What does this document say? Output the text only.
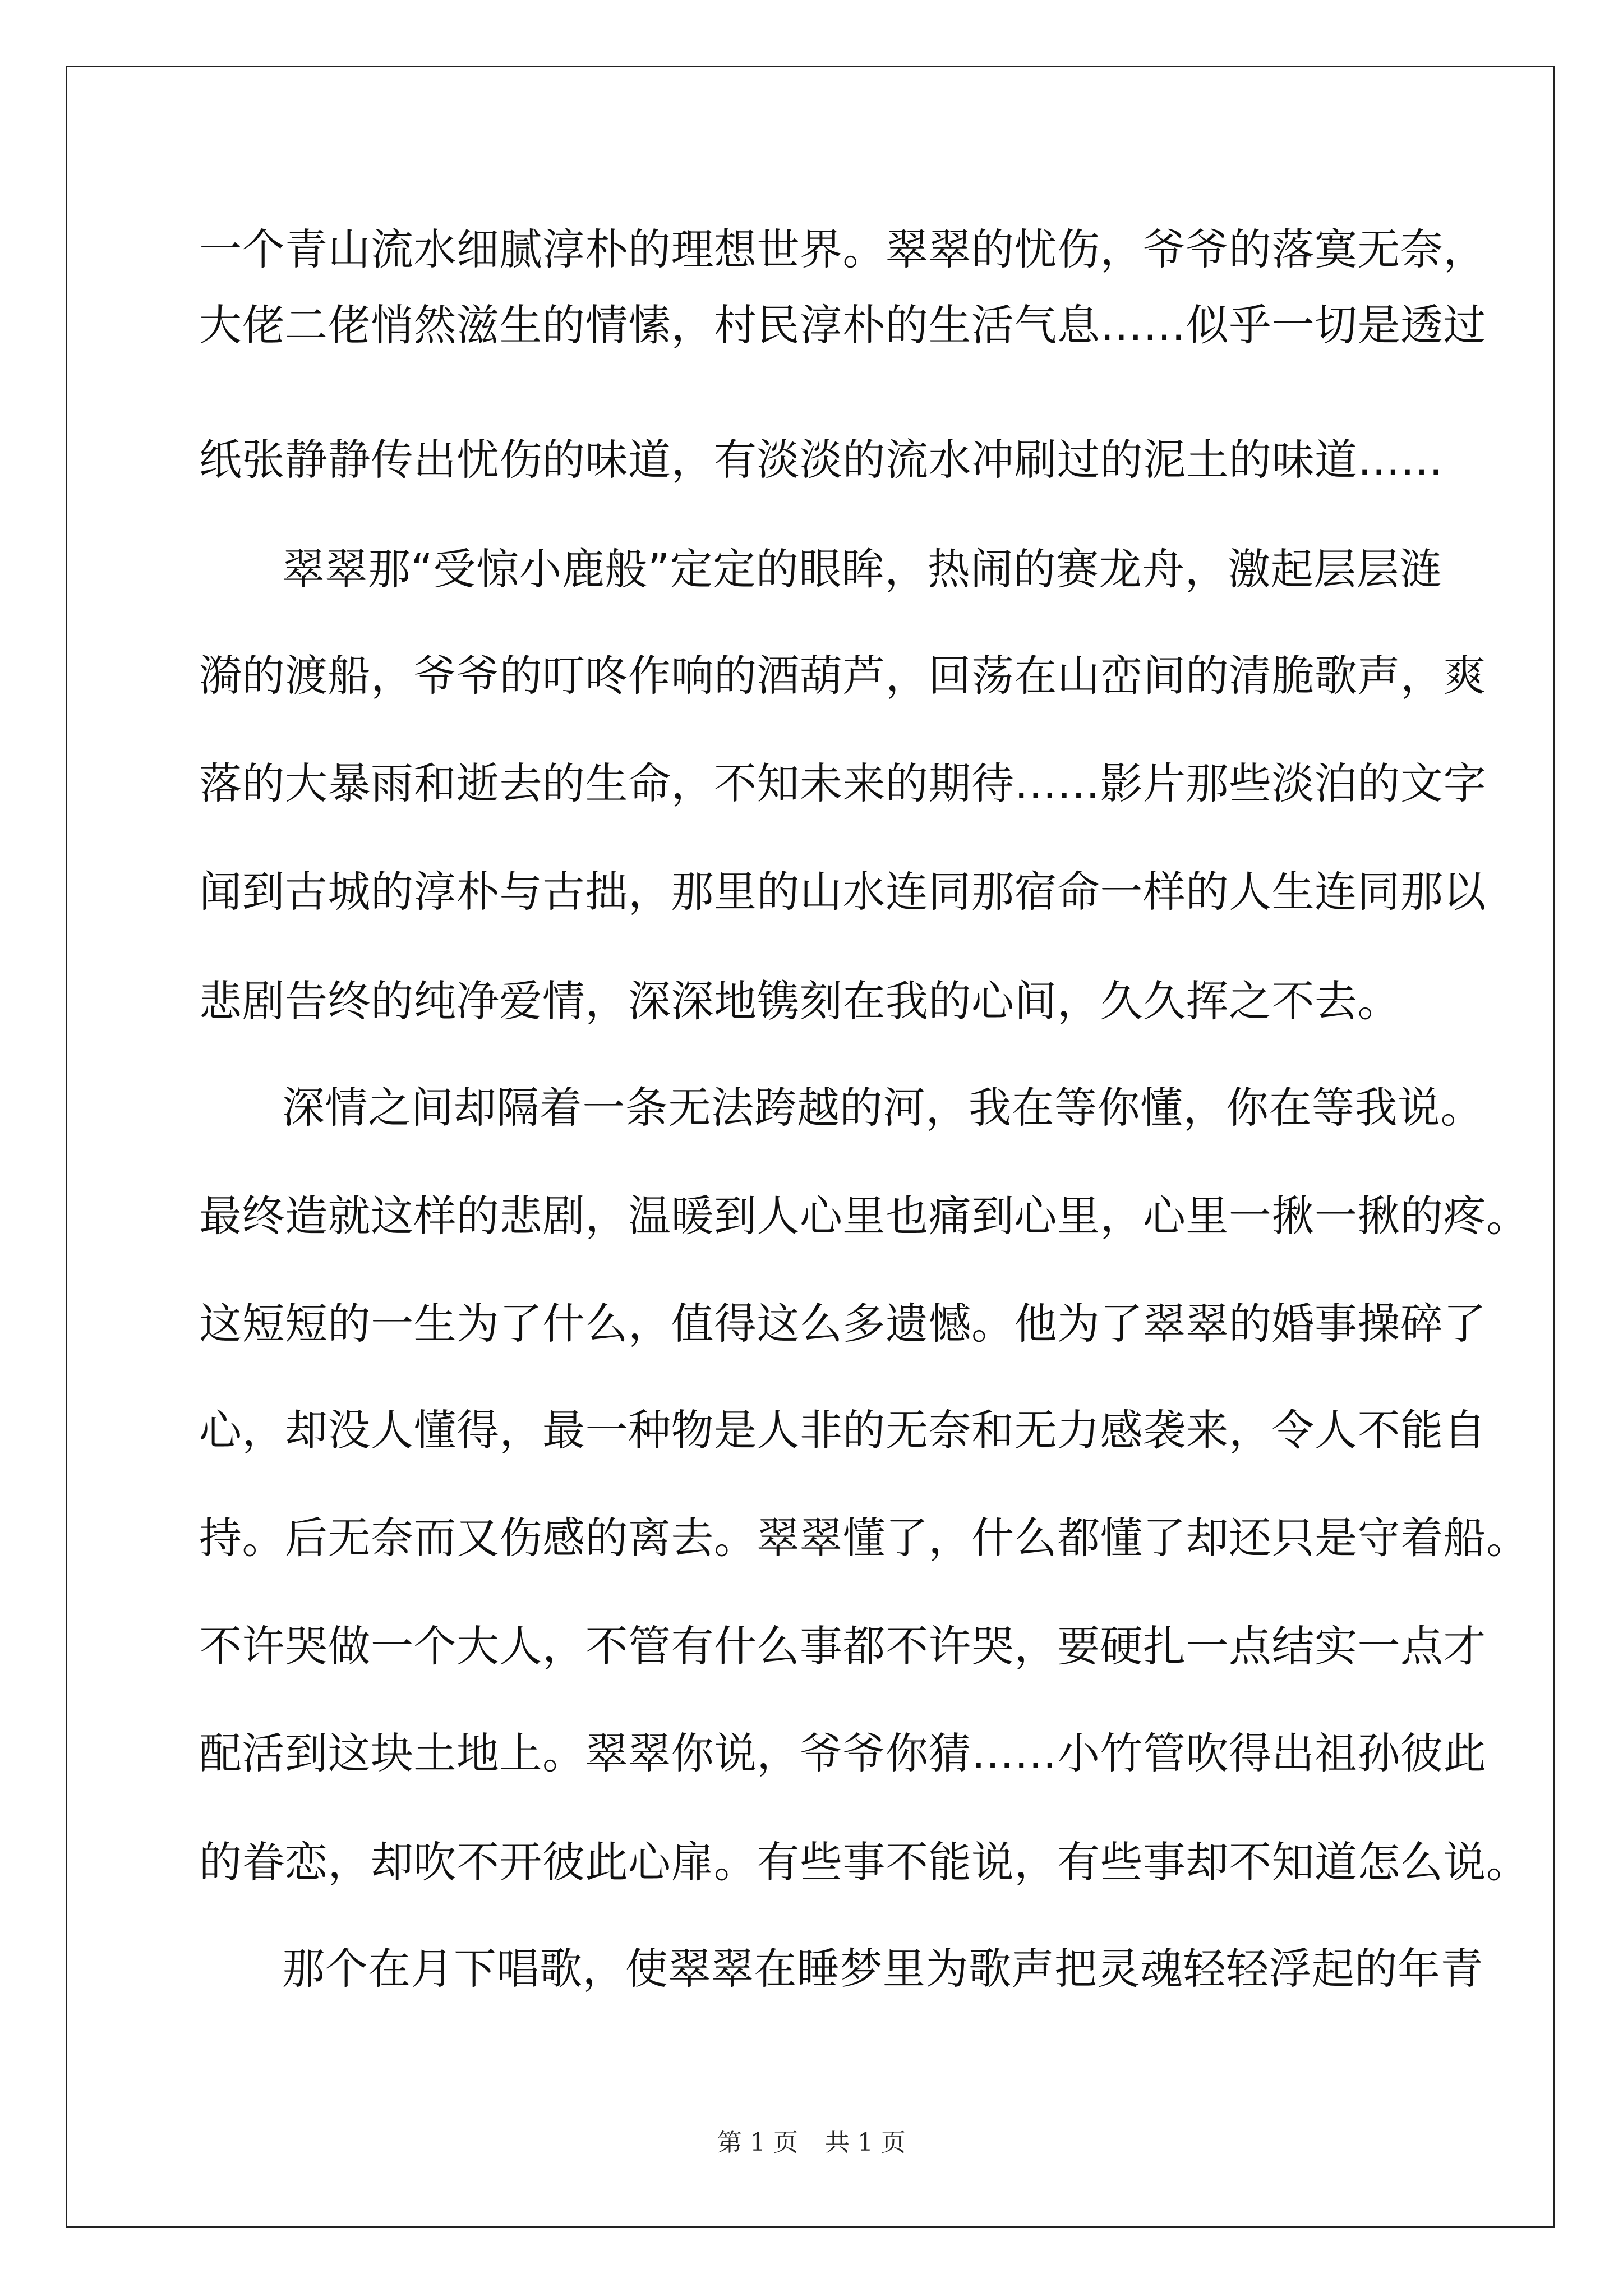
一个青山流水细腻淳朴的理想世界。翠翠的忧伤，爷爷的落寞无奈，
大佬二佬悄然滋生的情愫，村民淳朴的生活气息……似乎一切是透过
纸张静静传出忧伤的味道，有淡淡的流水冲刷过的泥土的味道……
翠翠那“受惊小鹿般”定定的眼眸，热闹的赛龙舟，激起层层涟
漪的渡船，爷爷的叮咚作响的酒葫芦，回荡在山峦间的清脆歌声，爽
落的大暴雨和逝去的生命，不知未来的期待……影片那些淡泊的文字
闻到古城的淳朴与古拙，那里的山水连同那宿命一样的人生连同那以
悲剧告终的纯净爱情，深深地镌刻在我的心间，久久挥之不去。
深情之间却隔着一条无法跨越的河，我在等你懂，你在等我说。
最终造就这样的悲剧，温暖到人心里也痛到心里，心里一揪一揪的疼。
这短短的一生为了什么，值得这么多遗憾。他为了翠翠的婚事操碎了
心，却没人懂得，最一种物是人非的无奈和无力感袭来，令人不能自
持。后无奈而又伤感的离去。翠翠懂了，什么都懂了却还只是守着船。
不许哭做一个大人，不管有什么事都不许哭，要硬扎一点结实一点才
配活到这块土地上。翠翠你说，爷爷你猜……小竹管吹得出祖孙彼此
的眷恋，却吹不开彼此心扉。有些事不能说，有些事却不知道怎么说。
那个在月下唱歌，使翠翠在睡梦里为歌声把灵魂轻轻浮起的年青
第 1 页 共 1 页
